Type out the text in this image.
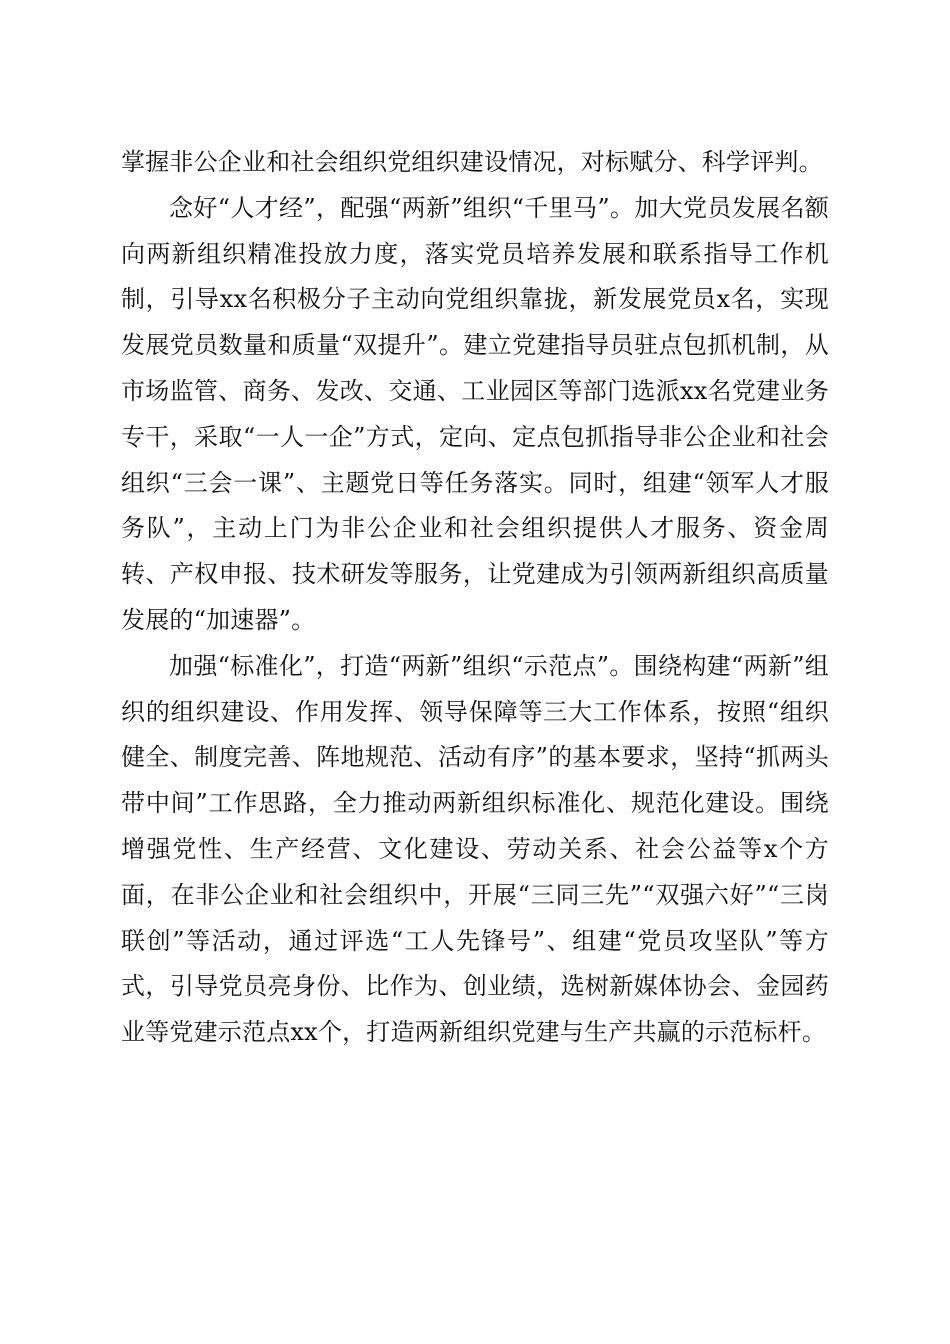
掌握非公企业和社会组织党组织建设情况，对标赋分、科学评判。

念好“人才经”，配强“两新”组织“千里马”。加大党员发展名额向两新组织精准投放力度，落实党员培养发展和联系指导工作机制，引导xx名积极分子主动向党组织靠拢，新发展党员x名，实现发展党员数量和质量“双提升”。建立党建指导员驻点包抓机制，从市场监管、商务、发改、交通、工业园区等部门选派xx名党建业务专干，采取“一人一企”方式，定向、定点包抓指导非公企业和社会组织“三会一课”、主题党日等任务落实。同时，组建“领军人才服务队”，主动上门为非公企业和社会组织提供人才服务、资金周转、产权申报、技术研发等服务，让党建成为引领两新组织高质量发展的“加速器”。

加强“标准化”，打造“两新”组织“示范点”。围绕构建“两新”组织的组织建设、作用发挥、领导保障等三大工作体系，按照“组织健全、制度完善、阵地规范、活动有序”的基本要求，坚持“抓两头带中间”工作思路，全力推动两新组织标准化、规范化建设。围绕增强党性、生产经营、文化建设、劳动关系、社会公益等x个方面，在非公企业和社会组织中，开展“三同三先”“双强六好”“三岗联创”等活动，通过评选“工人先锋号”、组建“党员攻坚队”等方式，引导党员亮身份、比作为、创业绩，选树新媒体协会、金园药业等党建示范点xx个，打造两新组织党建与生产共赢的示范标杆。
